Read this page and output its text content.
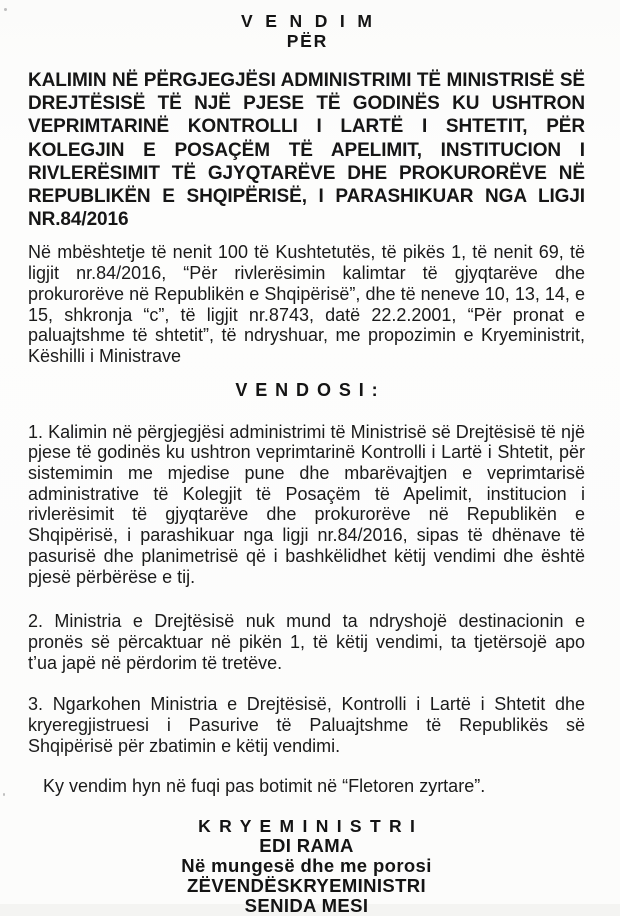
V E N D I M
PËR

KALIMIN NË PËRGJEGJËSI ADMINISTRIMI TË MINISTRISË SË DREJTËSISË TË NJË PJESE TË GODINËS KU USHTRON VEPRIMTARINË KONTROLLI I LARTË I SHTETIT, PËR KOLEGJIN E POSAÇËM TË APELIMIT, INSTITUCION I RIVLERËSIMIT TË GJYQTARËVE DHE PROKURORËVE NË REPUBLIKËN E SHQIPËRISË, I PARASHIKUAR NGA LIGJI NR.84/2016

Në mbështetje të nenit 100 të Kushtetutës, të pikës 1, të nenit 69, të ligjit nr.84/2016, “Për rivlerësimin kalimtar të gjyqtarëve dhe prokurorëve në Republikën e Shqipërisë”, dhe të neneve 10, 13, 14, e 15, shkronja “c”, të ligjit nr.8743, datë 22.2.2001, “Për pronat e paluajtshme të shtetit”, të ndryshuar, me propozimin e Kryeministrit, Këshilli i Ministrave

V E N D O S I :

1. Kalimin në përgjegjësi administrimi të Ministrisë së Drejtësisë të një pjese të godinës ku ushtron veprimtarinë Kontrolli i Lartë i Shtetit, për sistemimin me mjedise pune dhe mbarëvajtjen e veprimtarisë administrative të Kolegjit të Posaçëm të Apelimit, institucion i rivlerësimit të gjyqtarëve dhe prokurorëve në Republikën e Shqipërisë, i parashikuar nga ligji nr.84/2016, sipas të dhënave të pasurisë dhe planimetrisë që i bashkëlidhet këtij vendimi dhe është pjesë përbërëse e tij.

2. Ministria e Drejtësisë nuk mund ta ndryshojë destinacionin e pronës së përcaktuar në pikën 1, të këtij vendimi, ta tjetërsojë apo t’ua japë në përdorim të tretëve.

3. Ngarkohen Ministria e Drejtësisë, Kontrolli i Lartë i Shtetit dhe kryeregjistruesi i Pasurive të Paluajtshme të Republikës së Shqipërisë për zbatimin e këtij vendimi.

Ky vendim hyn në fuqi pas botimit në “Fletoren zyrtare”.

K R Y E M I N I S T R I
EDI RAMA
Në mungesë dhe me porosi
ZËVENDËSKRYEMINISTRI
SENIDA MESI
